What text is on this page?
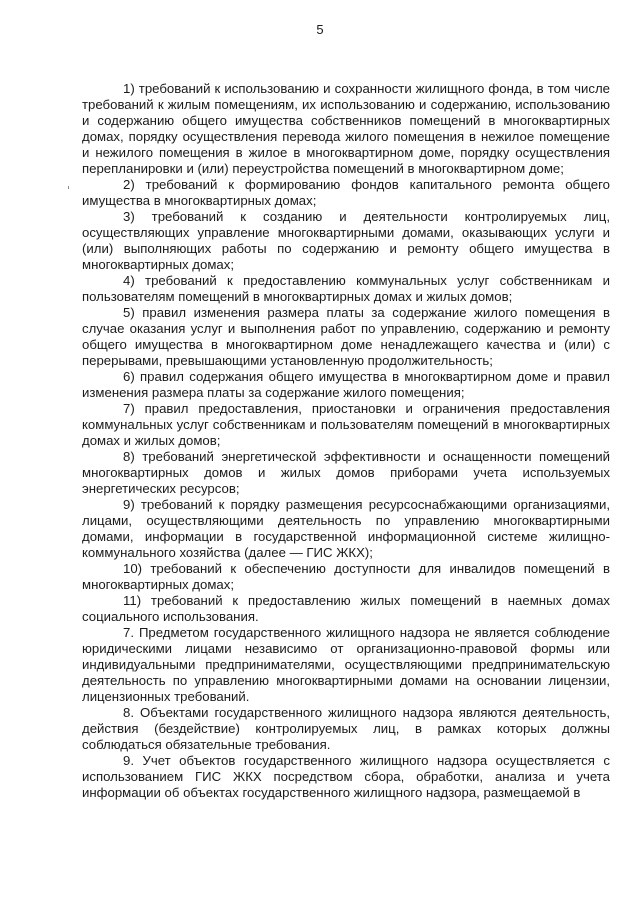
5

1) требований к использованию и сохранности жилищного фонда, в том числе требований к жилым помещениям, их использованию и содержанию, использованию и содержанию общего имущества собственников помещений в многоквартирных домах, порядку осуществления перевода жилого помещения в нежилое помещение и нежилого помещения в жилое в многоквартирном доме, порядку осуществления перепланировки и (или) переустройства помещений в многоквартирном доме;

2) требований к формированию фондов капитального ремонта общего имущества в многоквартирных домах;

3) требований к созданию и деятельности контролируемых лиц, осуществляющих управление многоквартирными домами, оказывающих услуги и (или) выполняющих работы по содержанию и ремонту общего имущества в многоквартирных домах;

4) требований к предоставлению коммунальных услуг собственникам и пользователям помещений в многоквартирных домах и жилых домов;

5) правил изменения размера платы за содержание жилого помещения в случае оказания услуг и выполнения работ по управлению, содержанию и ремонту общего имущества в многоквартирном доме ненадлежащего качества и (или) с перерывами, превышающими установленную продолжительность;

6) правил содержания общего имущества в многоквартирном доме и правил изменения размера платы за содержание жилого помещения;

7) правил предоставления, приостановки и ограничения предоставления коммунальных услуг собственникам и пользователям помещений в многоквартирных домах и жилых домов;

8) требований энергетической эффективности и оснащенности помещений многоквартирных домов и жилых домов приборами учета используемых энергетических ресурсов;

9) требований к порядку размещения ресурсоснабжающими организациями, лицами, осуществляющими деятельность по управлению многоквартирными домами, информации в государственной информационной системе жилищно-коммунального хозяйства (далее — ГИС ЖКХ);

10) требований к обеспечению доступности для инвалидов помещений в многоквартирных домах;

11) требований к предоставлению жилых помещений в наемных домах социального использования.

7. Предметом государственного жилищного надзора не является соблюдение юридическими лицами независимо от организационно-правовой формы или индивидуальными предпринимателями, осуществляющими предпринимательскую деятельность по управлению многоквартирными домами на основании лицензии, лицензионных требований.

8. Объектами государственного жилищного надзора являются деятельность, действия (бездействие) контролируемых лиц, в рамках которых должны соблюдаться обязательные требования.

9. Учет объектов государственного жилищного надзора осуществляется с использованием ГИС ЖКХ посредством сбора, обработки, анализа и учета информации об объектах государственного жилищного надзора, размещаемой в
